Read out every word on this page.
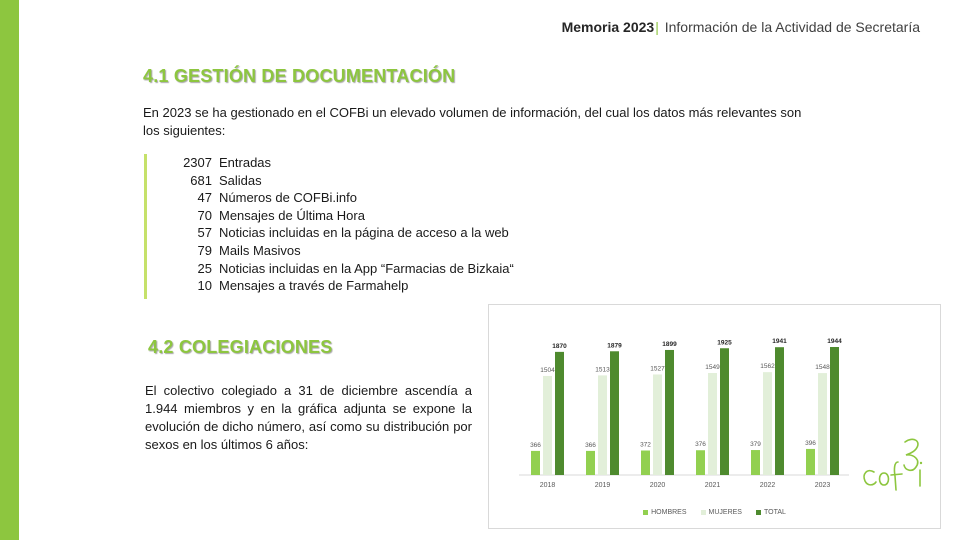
Memoria 2023| Información de la Actividad de Secretaría
4.1 GESTIÓN DE DOCUMENTACIÓN
En 2023 se ha gestionado en el COFBi un elevado volumen de información, del cual los datos más relevantes son los siguientes:
2307 Entradas
681 Salidas
47 Números de COFBi.info
70 Mensajes de Última Hora
57 Noticias incluidas en la página de acceso a la web
79 Mails Masivos
25 Noticias incluidas en la App “Farmacias de Bizkaia“
10 Mensajes a través de Farmahelp
4.2 COLEGIACIONES
El colectivo colegiado a 31 de diciembre ascendía a 1.944 miembros y en la gráfica adjunta se expone la evolución de dicho número, así como su distribución por sexos en los últimos 6 años:	366
1504
1870
2018
366
1513
1879
2019
372
1527
1899
2020
376
1549
1925
2021
379
1562
1941
2022
396
1548
1944
2023
HOMBRES	MUJERES	TOTAL
